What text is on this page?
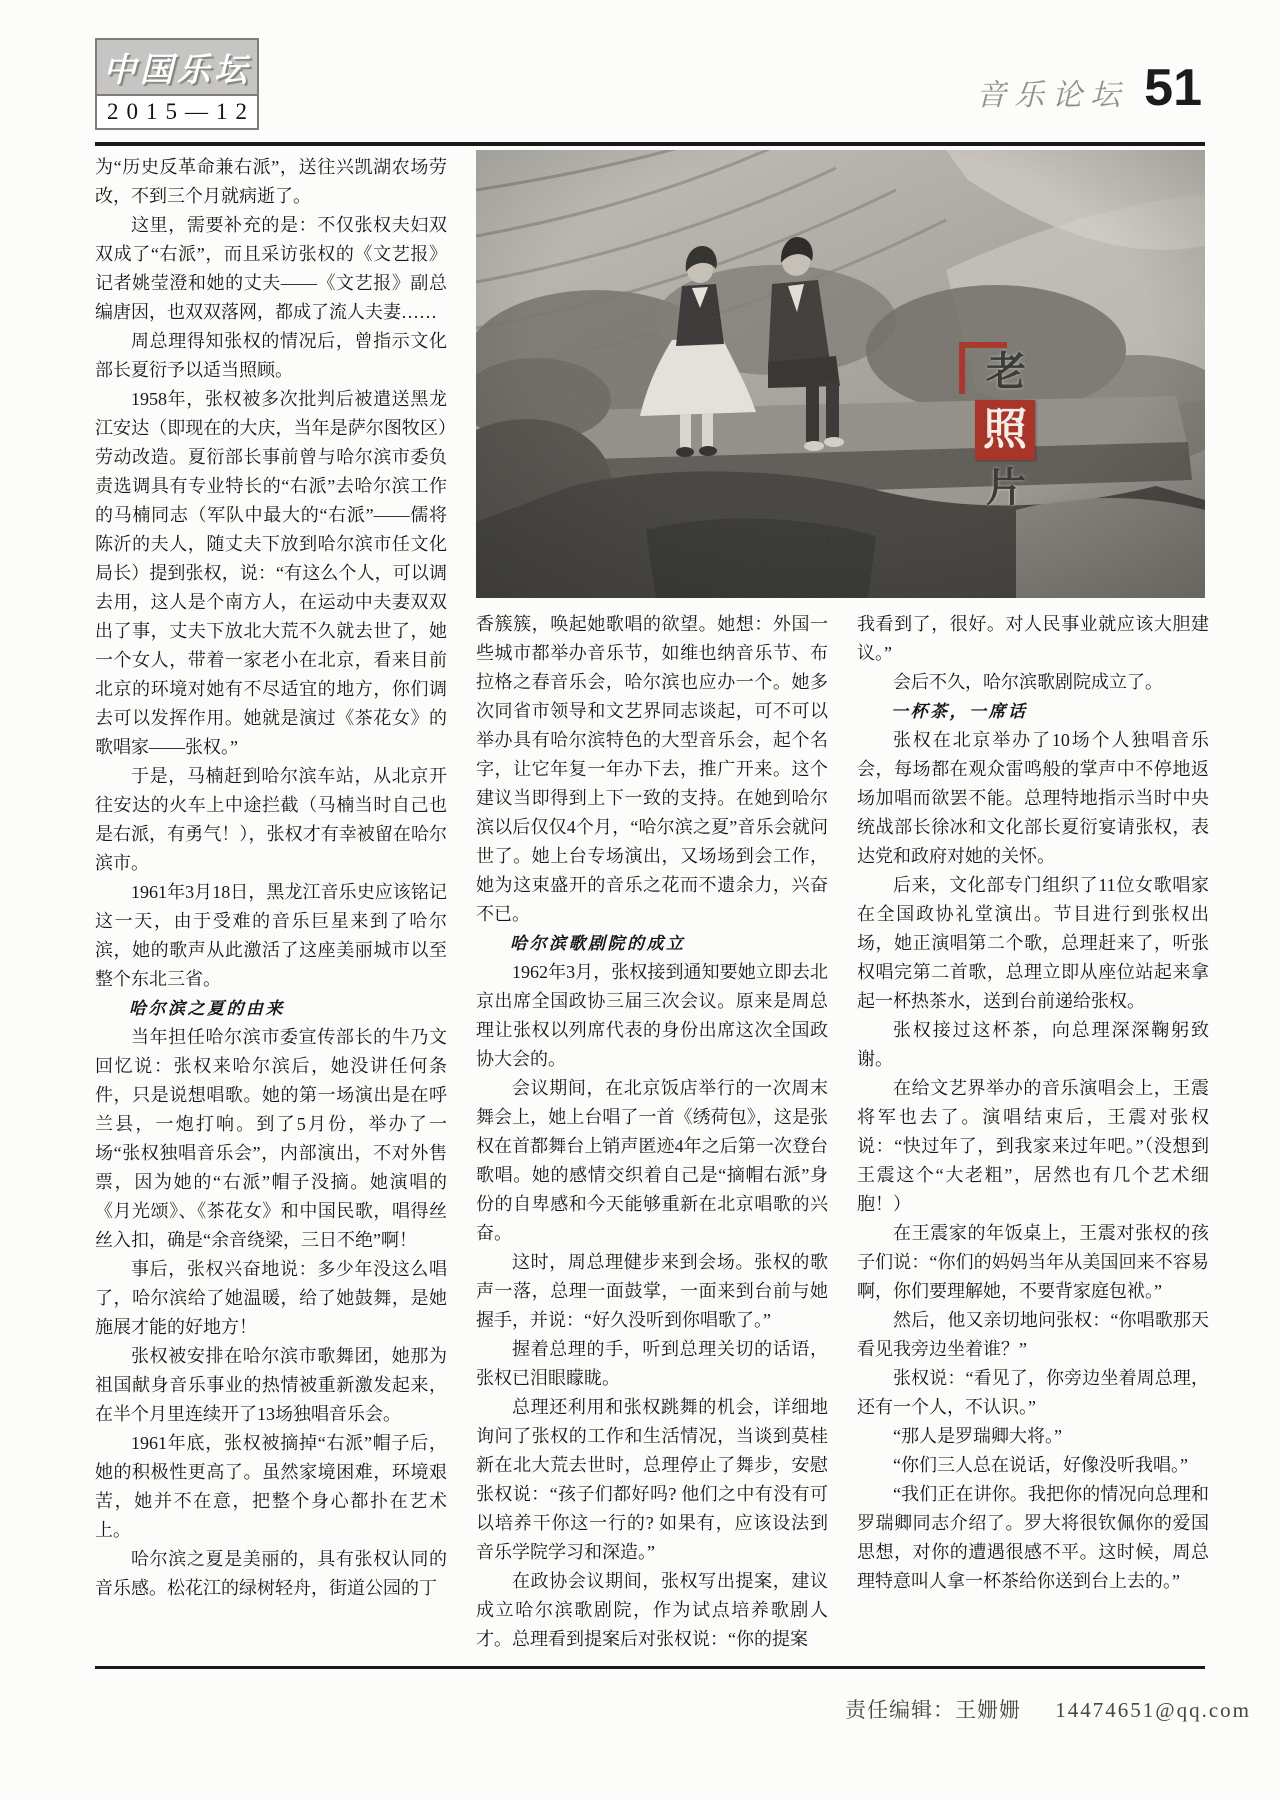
中国乐坛
2015—12	音乐论坛 51
老
照
片

为“历史反革命兼右派”，送往兴凯湖农场劳改，不到三个月就病逝了。

这里，需要补充的是：不仅张权夫妇双双成了“右派”，而且采访张权的《文艺报》记者姚莹澄和她的丈夫——《文艺报》副总编唐因，也双双落网，都成了流人夫妻……

周总理得知张权的情况后，曾指示文化部长夏衍予以适当照顾。

1958年，张权被多次批判后被遣送黑龙江安达（即现在的大庆，当年是萨尔图牧区）劳动改造。夏衍部长事前曾与哈尔滨市委负责选调具有专业特长的“右派”去哈尔滨工作的马楠同志（军队中最大的“右派”——儒将陈沂的夫人，随丈夫下放到哈尔滨市任文化局长）提到张权，说：“有这么个人，可以调去用，这人是个南方人，在运动中夫妻双双出了事，丈夫下放北大荒不久就去世了，她一个女人，带着一家老小在北京，看来目前北京的环境对她有不尽适宜的地方，你们调去可以发挥作用。她就是演过《茶花女》的歌唱家——张权。”

于是，马楠赶到哈尔滨车站，从北京开往安达的火车上中途拦截（马楠当时自己也是右派，有勇气！），张权才有幸被留在哈尔滨市。

1961年3月18日，黑龙江音乐史应该铭记这一天，由于受难的音乐巨星来到了哈尔滨，她的歌声从此激活了这座美丽城市以至整个东北三省。

哈尔滨之夏的由来

当年担任哈尔滨市委宣传部长的牛乃文回忆说：张权来哈尔滨后，她没讲任何条件，只是说想唱歌。她的第一场演出是在呼兰县，一炮打响。到了5月份，举办了一场“张权独唱音乐会”，内部演出，不对外售票，因为她的“右派”帽子没摘。她演唱的《月光颂》、《茶花女》和中国民歌，唱得丝丝入扣，确是“余音绕梁，三日不绝”啊！

事后，张权兴奋地说：多少年没这么唱了，哈尔滨给了她温暖，给了她鼓舞，是她施展才能的好地方！

张权被安排在哈尔滨市歌舞团，她那为祖国献身音乐事业的热情被重新激发起来，在半个月里连续开了13场独唱音乐会。

1961年底，张权被摘掉“右派”帽子后，她的积极性更高了。虽然家境困难，环境艰苦，她并不在意，把整个身心都扑在艺术上。

哈尔滨之夏是美丽的，具有张权认同的音乐感。松花江的绿树轻舟，街道公园的丁

香簇簇，唤起她歌唱的欲望。她想：外国一些城市都举办音乐节，如维也纳音乐节、布拉格之春音乐会，哈尔滨也应办一个。她多次同省市领导和文艺界同志谈起，可不可以举办具有哈尔滨特色的大型音乐会，起个名字，让它年复一年办下去，推广开来。这个建议当即得到上下一致的支持。在她到哈尔滨以后仅仅4个月，“哈尔滨之夏”音乐会就问世了。她上台专场演出，又场场到会工作，她为这束盛开的音乐之花而不遗余力，兴奋不已。

哈尔滨歌剧院的成立

1962年3月，张权接到通知要她立即去北京出席全国政协三届三次会议。原来是周总理让张权以列席代表的身份出席这次全国政协大会的。

会议期间，在北京饭店举行的一次周末舞会上，她上台唱了一首《绣荷包》，这是张权在首都舞台上销声匿迹4年之后第一次登台歌唱。她的感情交织着自己是“摘帽右派”身份的自卑感和今天能够重新在北京唱歌的兴奋。

这时，周总理健步来到会场。张权的歌声一落，总理一面鼓掌，一面来到台前与她握手，并说：“好久没听到你唱歌了。”

握着总理的手，听到总理关切的话语，张权已泪眼矇眬。

总理还利用和张权跳舞的机会，详细地询问了张权的工作和生活情况，当谈到莫桂新在北大荒去世时，总理停止了舞步，安慰张权说：“孩子们都好吗? 他们之中有没有可以培养干你这一行的? 如果有，应该设法到音乐学院学习和深造。”

在政协会议期间，张权写出提案，建议成立哈尔滨歌剧院，作为试点培养歌剧人才。总理看到提案后对张权说：“你的提案

我看到了，很好。对人民事业就应该大胆建议。”

会后不久，哈尔滨歌剧院成立了。

一杯茶，一席话

张权在北京举办了10场个人独唱音乐会，每场都在观众雷鸣般的掌声中不停地返场加唱而欲罢不能。总理特地指示当时中央统战部长徐冰和文化部长夏衍宴请张权，表达党和政府对她的关怀。

后来，文化部专门组织了11位女歌唱家在全国政协礼堂演出。节目进行到张权出场，她正演唱第二个歌，总理赶来了，听张权唱完第二首歌，总理立即从座位站起来拿起一杯热茶水，送到台前递给张权。

张权接过这杯茶，向总理深深鞠躬致谢。

在给文艺界举办的音乐演唱会上，王震将军也去了。演唱结束后，王震对张权说：“快过年了，到我家来过年吧。”（没想到王震这个“大老粗”，居然也有几个艺术细胞！）

在王震家的年饭桌上，王震对张权的孩子们说：“你们的妈妈当年从美国回来不容易啊，你们要理解她，不要背家庭包袱。”

然后，他又亲切地问张权：“你唱歌那天看见我旁边坐着谁？”

张权说：“看见了，你旁边坐着周总理，还有一个人，不认识。”

“那人是罗瑞卿大将。”

“你们三人总在说话，好像没听我唱。”

“我们正在讲你。我把你的情况向总理和罗瑞卿同志介绍了。罗大将很钦佩你的爱国思想，对你的遭遇很感不平。这时候，周总理特意叫人拿一杯茶给你送到台上去的。”

责任编辑：王姗姗 14474651@qq.com
